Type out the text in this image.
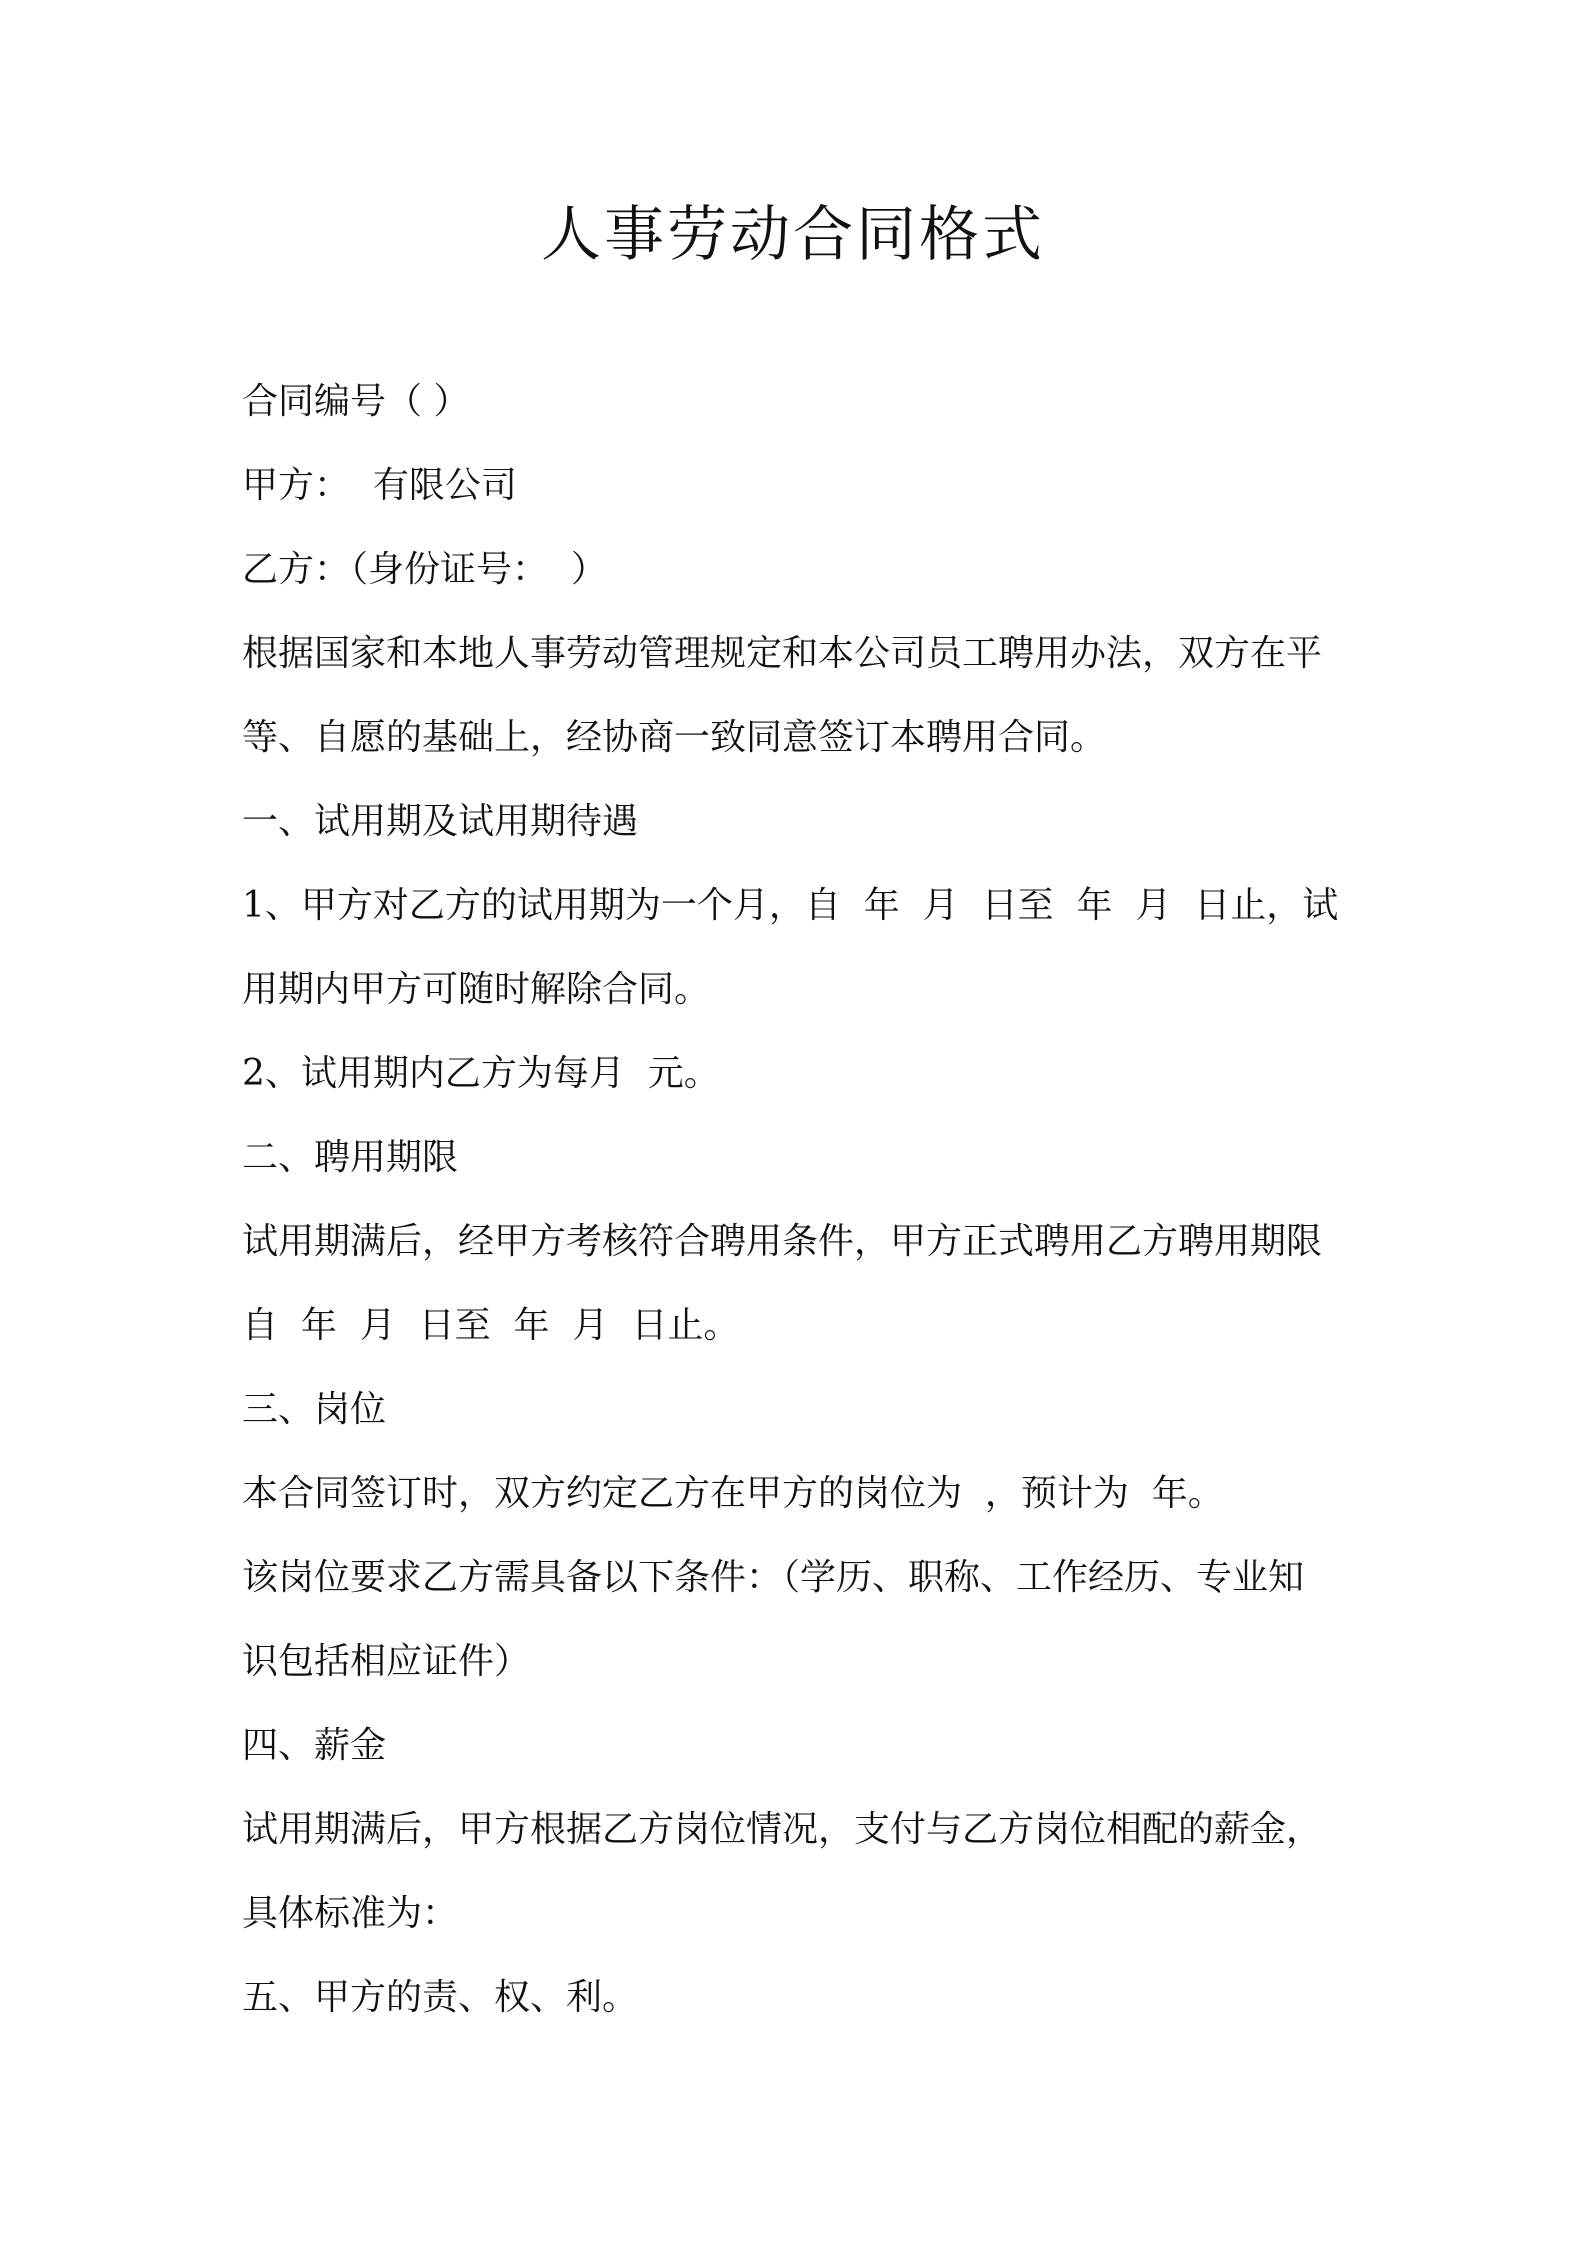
人事劳动合同格式

合同编号（ ）

甲方：  有限公司

乙方：（身份证号：  ）

根据国家和本地人事劳动管理规定和本公司员工聘用办法，双方在平

等、自愿的基础上，经协商一致同意签订本聘用合同。

一、试用期及试用期待遇

1、甲方对乙方的试用期为一个月，自  年  月  日至  年  月  日止，试

用期内甲方可随时解除合同。

2、试用期内乙方为每月  元。

二、聘用期限

试用期满后，经甲方考核符合聘用条件，甲方正式聘用乙方聘用期限

自  年  月  日至  年  月  日止。

三、岗位

本合同签订时，双方约定乙方在甲方的岗位为  ，预计为  年。

该岗位要求乙方需具备以下条件：（学历、职称、工作经历、专业知

识包括相应证件）

四、薪金

试用期满后，甲方根据乙方岗位情况，支付与乙方岗位相配的薪金，

具体标准为：

五、甲方的责、权、利。
